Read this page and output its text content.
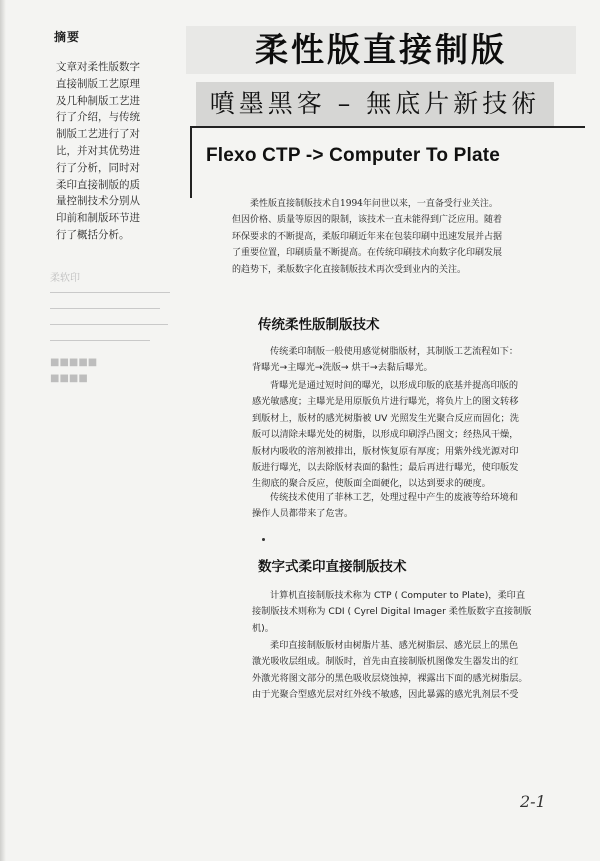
摘要

文章对柔性版数字
直接制版工艺原理
及几种制版工艺进
行了介绍，与传统
制版工艺进行了对
比，并对其优势进
行了分析，同时对
柔印直接制版的质
量控制技术分别从
印前和制版环节进
行了概括分析。

柔软印
■■■■■
■■■■
柔性版直接制版
噴墨黑客 – 無底片新技術
Flexo CTP -> Computer To Plate
柔性版直接制版技术自1994年问世以来，一直备受行业关注。
但因价格、质量等原因的限制，该技术一直未能得到广泛应用。随着
环保要求的不断提高，柔版印刷近年来在包装印刷中迅速发展并占据
了重要位置，印刷质量不断提高。在传统印刷技术向数字化印刷发展
的趋势下，柔版数字化直接制版技术再次受到业内的关注。
传统柔性版制版技术
传统柔印制版一般使用感觉树脂版材，其制版工艺流程如下：
背曝光→主曝光→洗版→ 烘干→去黏后曝光。
背曝光是通过短时间的曝光，以形成印版的底基并提高印版的
感光敏感度；主曝光是用原版负片进行曝光，将负片上的图文转移
到版材上，版材的感光树脂被 UV 光照发生光聚合反应而固化；洗
版可以清除未曝光处的树脂，以形成印刷浮凸图文；经热风干燥，
版材内吸收的溶剂被排出，版材恢复原有厚度；用紫外线光源对印
版进行曝光，以去除版材表面的黏性；最后再进行曝光，使印版发
生彻底的聚合反应，使版面全面硬化，以达到要求的硬度。
传统技术使用了菲林工艺，处理过程中产生的废液等给环境和
操作人员都带来了危害。
数字式柔印直接制版技术
计算机直接制版技术称为 CTP ( Computer to Plate)，柔印直
接制版技术则称为 CDI ( Cyrel Digital Imager 柔性版数字直接制版
机)。
柔印直接制版版材由树脂片基、感光树脂层、感光层上的黑色
激光吸收层组成。制版时，首先由直接制版机图像发生器发出的红
外激光将图文部分的黑色吸收层烧蚀掉，裸露出下面的感光树脂层。
由于光聚合型感光层对红外线不敏感，因此暴露的感光乳剂层不受
2-1
